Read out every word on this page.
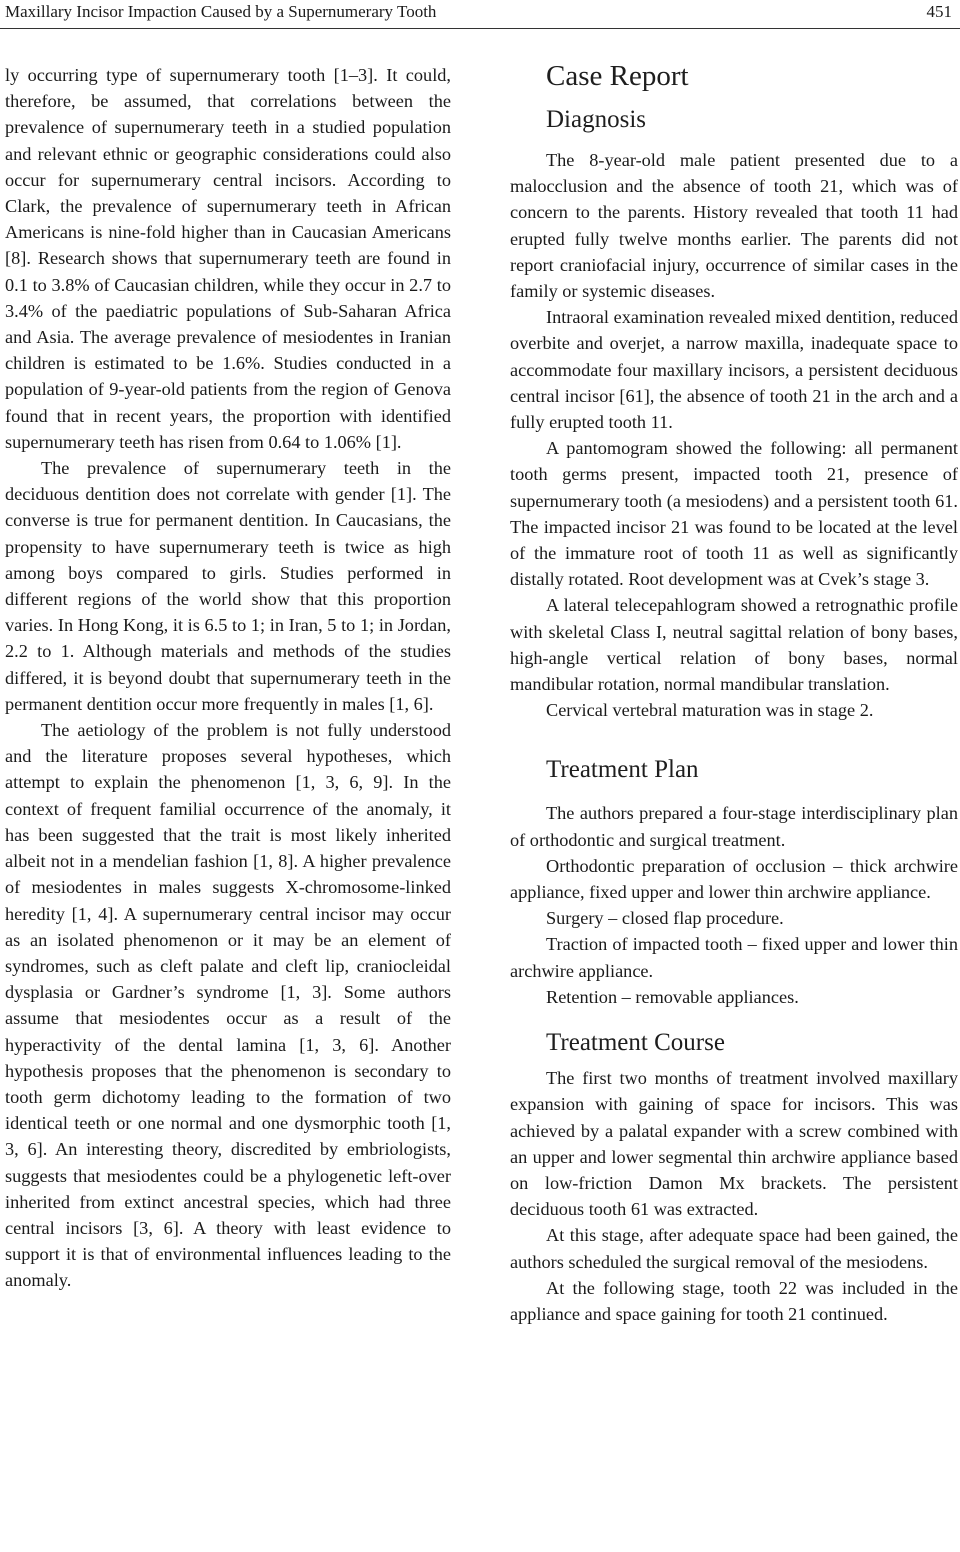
Maxillary Incisor Impaction Caused by a Supernumerary Tooth	451

ly occurring type of supernumerary tooth [1–3]. It could, therefore, be assumed, that correlations between the prevalence of supernumerary teeth in a studied population and relevant ethnic or geographic considerations could also occur for supernumerary central incisors. According to Clark, the prevalence of supernumerary teeth in African Americans is nine-fold higher than in Caucasian Americans [8]. Research shows that supernumerary teeth are found in 0.1 to 3.8% of Caucasian children, while they occur in 2.7 to 3.4% of the paediatric populations of Sub-Saharan Africa and Asia. The average prevalence of mesiodentes in Iranian children is estimated to be 1.6%. Studies conducted in a population of 9-year-old patients from the region of Genova found that in recent years, the proportion with identified supernumerary teeth has risen from 0.64 to 1.06% [1].

The prevalence of supernumerary teeth in the deciduous dentition does not correlate with gender [1]. The converse is true for permanent dentition. In Caucasians, the propensity to have supernumerary teeth is twice as high among boys compared to girls. Studies performed in different regions of the world show that this proportion varies. In Hong Kong, it is 6.5 to 1; in Iran, 5 to 1; in Jordan, 2.2 to 1. Although materials and methods of the studies differed, it is beyond doubt that supernumerary teeth in the permanent dentition occur more frequently in males [1, 6].

The aetiology of the problem is not fully understood and the literature proposes several hypotheses, which attempt to explain the phenomenon [1, 3, 6, 9]. In the context of frequent familial occurrence of the anomaly, it has been suggested that the trait is most likely inherited albeit not in a mendelian fashion [1, 8]. A higher prevalence of mesiodentes in males suggests X-chromosome-linked heredity [1, 4]. A supernumerary central incisor may occur as an isolated phenomenon or it may be an element of syndromes, such as cleft palate and cleft lip, craniocleidal dysplasia or Gardner’s syndrome [1, 3]. Some authors assume that mesiodentes occur as a result of the hyperactivity of the dental lamina [1, 3, 6]. Another hypothesis proposes that the phenomenon is secondary to tooth germ dichotomy leading to the formation of two identical teeth or one normal and one dysmorphic tooth [1, 3, 6]. An interesting theory, discredited by embriologists, suggests that mesiodentes could be a phylogenetic left-over inherited from extinct ancestral species, which had three central incisors [3, 6]. A theory with least evidence to support it is that of environmental influences leading to the anomaly.

Case Report
Diagnosis

The 8-year-old male patient presented due to a malocclusion and the absence of tooth 21, which was of concern to the parents. History revealed that tooth 11 had erupted fully twelve months earlier. The parents did not report craniofacial injury, occurrence of similar cases in the family or systemic diseases.

Intraoral examination revealed mixed dentition, reduced overbite and overjet, a narrow maxilla, inadequate space to accommodate four maxillary incisors, a persistent deciduous central incisor [61], the absence of tooth 21 in the arch and a fully erupted tooth 11.

A pantomogram showed the following: all permanent tooth germs present, impacted tooth 21, presence of supernumerary tooth (a mesiodens) and a persistent tooth 61. The impacted incisor 21 was found to be located at the level of the immature root of tooth 11 as well as significantly distally rotated. Root development was at Cvek’s stage 3.

A lateral telecepahlogram showed a retrognathic profile with skeletal Class I, neutral sagittal relation of bony bases, high-angle vertical relation of bony bases, normal mandibular rotation, normal mandibular translation.

Cervical vertebral maturation was in stage 2.

Treatment Plan

The authors prepared a four-stage interdisciplinary plan of orthodontic and surgical treatment.

Orthodontic preparation of occlusion – thick archwire appliance, fixed upper and lower thin archwire appliance.

Surgery – closed flap procedure.

Traction of impacted tooth – fixed upper and lower thin archwire appliance.

Retention – removable appliances.

Treatment Course

The first two months of treatment involved maxillary expansion with gaining of space for incisors. This was achieved by a palatal expander with a screw combined with an upper and lower segmental thin archwire appliance based on low-friction Damon Mx brackets. The persistent deciduous tooth 61 was extracted.

At this stage, after adequate space had been gained, the authors scheduled the surgical removal of the mesiodens.

At the following stage, tooth 22 was included in the appliance and space gaining for tooth 21 continued.
